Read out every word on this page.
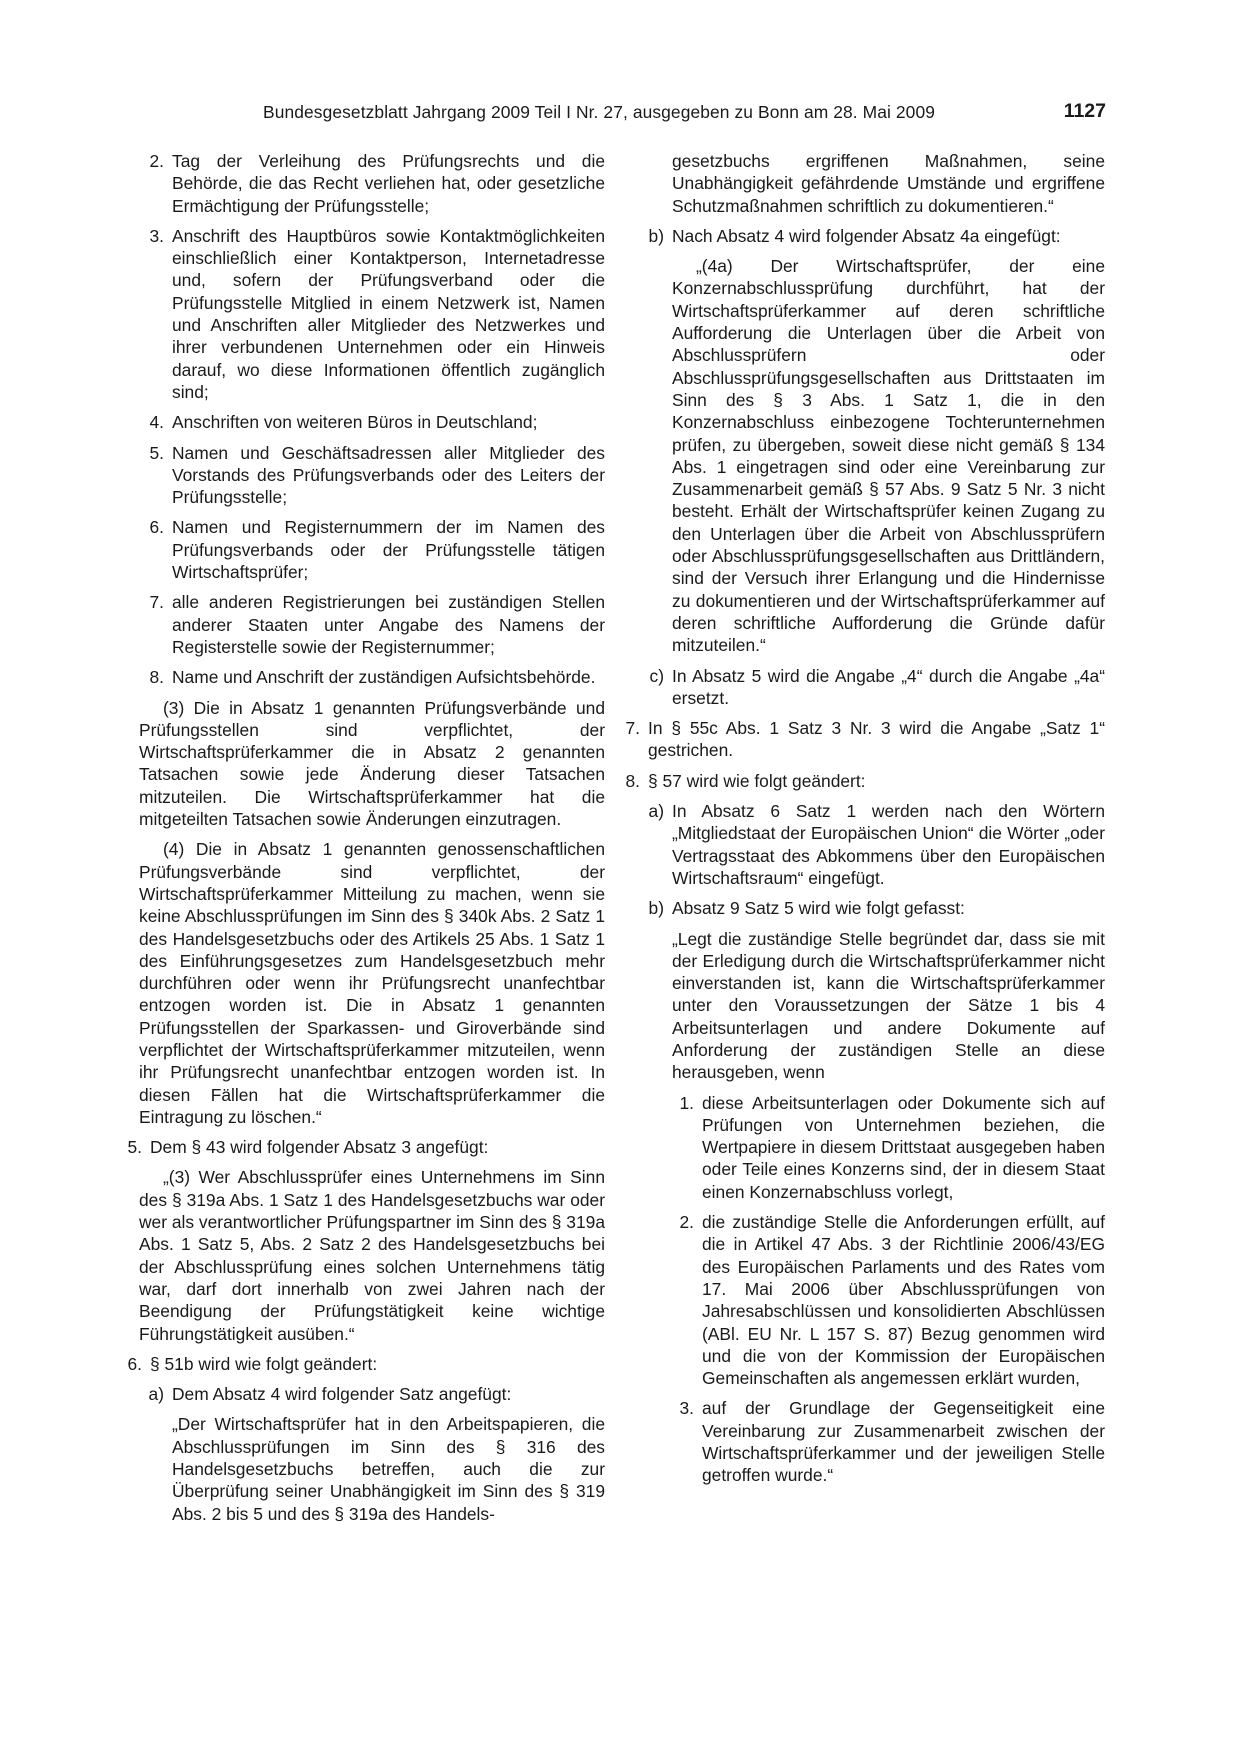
Bundesgesetzblatt Jahrgang 2009 Teil I Nr. 27, ausgegeben zu Bonn am 28. Mai 2009	1127
2. Tag der Verleihung des Prüfungsrechts und die Behörde, die das Recht verliehen hat, oder gesetzliche Ermächtigung der Prüfungsstelle;
3. Anschrift des Hauptbüros sowie Kontaktmöglichkeiten einschließlich einer Kontaktperson, Internetadresse und, sofern der Prüfungsverband oder die Prüfungsstelle Mitglied in einem Netzwerk ist, Namen und Anschriften aller Mitglieder des Netzwerkes und ihrer verbundenen Unternehmen oder ein Hinweis darauf, wo diese Informationen öffentlich zugänglich sind;
4. Anschriften von weiteren Büros in Deutschland;
5. Namen und Geschäftsadressen aller Mitglieder des Vorstands des Prüfungsverbands oder des Leiters der Prüfungsstelle;
6. Namen und Registernummern der im Namen des Prüfungsverbands oder der Prüfungsstelle tätigen Wirtschaftsprüfer;
7. alle anderen Registrierungen bei zuständigen Stellen anderer Staaten unter Angabe des Namens der Registerstelle sowie der Registernummer;
8. Name und Anschrift der zuständigen Aufsichtsbehörde.
(3) Die in Absatz 1 genannten Prüfungsverbände und Prüfungsstellen sind verpflichtet, der Wirtschaftsprüferkammer die in Absatz 2 genannten Tatsachen sowie jede Änderung dieser Tatsachen mitzuteilen. Die Wirtschaftsprüferkammer hat die mitgeteilten Tatsachen sowie Änderungen einzutragen.
(4) Die in Absatz 1 genannten genossenschaftlichen Prüfungsverbände sind verpflichtet, der Wirtschaftsprüferkammer Mitteilung zu machen, wenn sie keine Abschlussprüfungen im Sinn des § 340k Abs. 2 Satz 1 des Handelsgesetzbuchs oder des Artikels 25 Abs. 1 Satz 1 des Einführungsgesetzes zum Handelsgesetzbuch mehr durchführen oder wenn ihr Prüfungsrecht unanfechtbar entzogen worden ist. Die in Absatz 1 genannten Prüfungsstellen der Sparkassen- und Giroverbände sind verpflichtet der Wirtschaftsprüferkammer mitzuteilen, wenn ihr Prüfungsrecht unanfechtbar entzogen worden ist. In diesen Fällen hat die Wirtschaftsprüferkammer die Eintragung zu löschen.“
5. Dem § 43 wird folgender Absatz 3 angefügt:
„(3) Wer Abschlussprüfer eines Unternehmens im Sinn des § 319a Abs. 1 Satz 1 des Handelsgesetzbuchs war oder wer als verantwortlicher Prüfungspartner im Sinn des § 319a Abs. 1 Satz 5, Abs. 2 Satz 2 des Handelsgesetzbuchs bei der Abschlussprüfung eines solchen Unternehmens tätig war, darf dort innerhalb von zwei Jahren nach der Beendigung der Prüfungstätigkeit keine wichtige Führungstätigkeit ausüben.“
6. § 51b wird wie folgt geändert:
a) Dem Absatz 4 wird folgender Satz angefügt:
„Der Wirtschaftsprüfer hat in den Arbeitspapieren, die Abschlussprüfungen im Sinn des § 316 des Handelsgesetzbuchs betreffen, auch die zur Überprüfung seiner Unabhängigkeit im Sinn des § 319 Abs. 2 bis 5 und des § 319a des Handels-
gesetzbuchs ergriffenen Maßnahmen, seine Unabhängigkeit gefährdende Umstände und ergriffene Schutzmaßnahmen schriftlich zu dokumentieren.“
b) Nach Absatz 4 wird folgender Absatz 4a eingefügt:
„(4a) Der Wirtschaftsprüfer, der eine Konzernabschlussprüfung durchführt, hat der Wirtschaftsprüferkammer auf deren schriftliche Aufforderung die Unterlagen über die Arbeit von Abschlussprüfern oder Abschlussprüfungsgesellschaften aus Drittstaaten im Sinn des § 3 Abs. 1 Satz 1, die in den Konzernabschluss einbezogene Tochterunternehmen prüfen, zu übergeben, soweit diese nicht gemäß § 134 Abs. 1 eingetragen sind oder eine Vereinbarung zur Zusammenarbeit gemäß § 57 Abs. 9 Satz 5 Nr. 3 nicht besteht. Erhält der Wirtschaftsprüfer keinen Zugang zu den Unterlagen über die Arbeit von Abschlussprüfern oder Abschlussprüfungsgesellschaften aus Drittländern, sind der Versuch ihrer Erlangung und die Hindernisse zu dokumentieren und der Wirtschaftsprüferkammer auf deren schriftliche Aufforderung die Gründe dafür mitzuteilen.“
c) In Absatz 5 wird die Angabe „4“ durch die Angabe „4a“ ersetzt.
7. In § 55c Abs. 1 Satz 3 Nr. 3 wird die Angabe „Satz 1“ gestrichen.
8. § 57 wird wie folgt geändert:
a) In Absatz 6 Satz 1 werden nach den Wörtern „Mitgliedstaat der Europäischen Union“ die Wörter „oder Vertragsstaat des Abkommens über den Europäischen Wirtschaftsraum“ eingefügt.
b) Absatz 9 Satz 5 wird wie folgt gefasst:
„Legt die zuständige Stelle begründet dar, dass sie mit der Erledigung durch die Wirtschaftsprüferkammer nicht einverstanden ist, kann die Wirtschaftsprüferkammer unter den Voraussetzungen der Sätze 1 bis 4 Arbeitsunterlagen und andere Dokumente auf Anforderung der zuständigen Stelle an diese herausgeben, wenn
1. diese Arbeitsunterlagen oder Dokumente sich auf Prüfungen von Unternehmen beziehen, die Wertpapiere in diesem Drittstaat ausgegeben haben oder Teile eines Konzerns sind, der in diesem Staat einen Konzernabschluss vorlegt,
2. die zuständige Stelle die Anforderungen erfüllt, auf die in Artikel 47 Abs. 3 der Richtlinie 2006/43/EG des Europäischen Parlaments und des Rates vom 17. Mai 2006 über Abschlussprüfungen von Jahresabschlüssen und konsolidierten Abschlüssen (ABl. EU Nr. L 157 S. 87) Bezug genommen wird und die von der Kommission der Europäischen Gemeinschaften als angemessen erklärt wurden,
3. auf der Grundlage der Gegenseitigkeit eine Vereinbarung zur Zusammenarbeit zwischen der Wirtschaftsprüferkammer und der jeweiligen Stelle getroffen wurde.“
